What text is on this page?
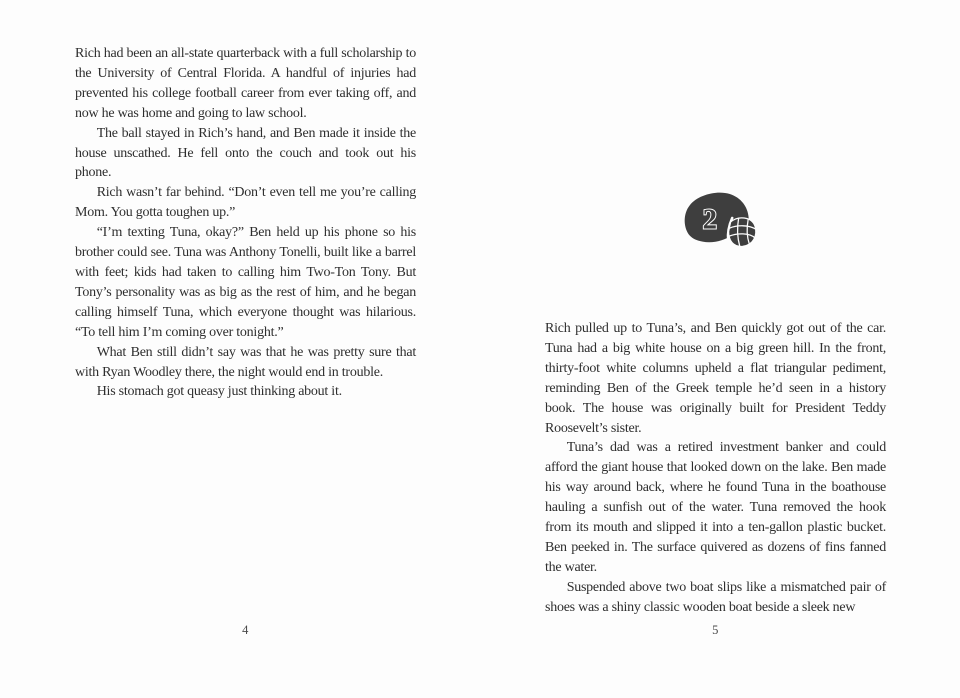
Rich had been an all-state quarterback with a full scholarship to the University of Central Florida. A handful of injuries had prevented his college football career from ever taking off, and now he was home and going to law school.

The ball stayed in Rich’s hand, and Ben made it inside the house unscathed. He fell onto the couch and took out his phone.

Rich wasn’t far behind. “Don’t even tell me you’re calling Mom. You gotta toughen up.”

“I’m texting Tuna, okay?” Ben held up his phone so his brother could see. Tuna was Anthony Tonelli, built like a barrel with feet; kids had taken to calling him Two-Ton Tony. But Tony’s personality was as big as the rest of him, and he began calling himself Tuna, which everyone thought was hilarious. “To tell him I’m coming over tonight.”

What Ben still didn’t say was that he was pretty sure that with Ryan Woodley there, the night would end in trouble.

His stomach got queasy just thinking about it.

4
2

Rich pulled up to Tuna’s, and Ben quickly got out of the car. Tuna had a big white house on a big green hill. In the front, thirty-foot white columns upheld a flat triangular pediment, reminding Ben of the Greek temple he’d seen in a history book. The house was originally built for President Teddy Roosevelt’s sister.

Tuna’s dad was a retired investment banker and could afford the giant house that looked down on the lake. Ben made his way around back, where he found Tuna in the boathouse hauling a sunfish out of the water. Tuna removed the hook from its mouth and slipped it into a ten-gallon plastic bucket. Ben peeked in. The surface quivered as dozens of fins fanned the water.

Suspended above two boat slips like a mismatched pair of shoes was a shiny classic wooden boat beside a sleek new

5
